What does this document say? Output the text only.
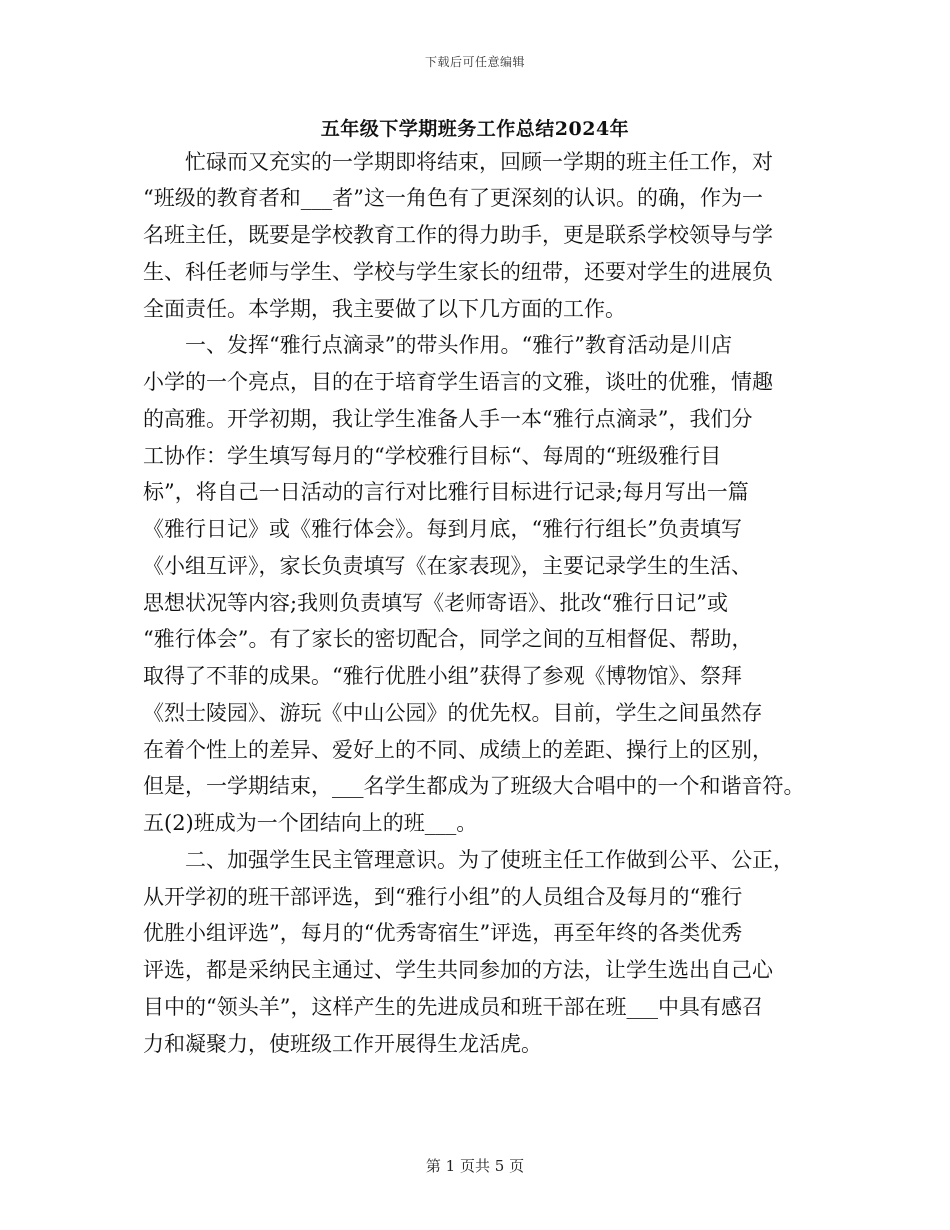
下载后可任意编辑
五年级下学期班务工作总结2024年
忙碌而又充实的一学期即将结束，回顾一学期的班主任工作，对
“班级的教育者和___者”这一角色有了更深刻的认识。的确，作为一
名班主任，既要是学校教育工作的得力助手，更是联系学校领导与学
生、科任老师与学生、学校与学生家长的纽带，还要对学生的进展负
全面责任。本学期，我主要做了以下几方面的工作。
一、发挥“雅行点滴录”的带头作用。“雅行”教育活动是川店
小学的一个亮点，目的在于培育学生语言的文雅，谈吐的优雅，情趣
的高雅。开学初期，我让学生准备人手一本“雅行点滴录”，我们分
工协作：学生填写每月的“学校雅行目标“、每周的“班级雅行目
标”，将自己一日活动的言行对比雅行目标进行记录;每月写出一篇
《雅行日记》或《雅行体会》。每到月底，“雅行行组长”负责填写
《小组互评》，家长负责填写《在家表现》，主要记录学生的生活、
思想状况等内容;我则负责填写《老师寄语》、批改“雅行日记”或
“雅行体会”。有了家长的密切配合，同学之间的互相督促、帮助，
取得了不菲的成果。“雅行优胜小组”获得了参观《博物馆》、祭拜
《烈士陵园》、游玩《中山公园》的优先权。目前，学生之间虽然存
在着个性上的差异、爱好上的不同、成绩上的差距、操行上的区别，
但是，一学期结束，___名学生都成为了班级大合唱中的一个和谐音符。
五(2)班成为一个团结向上的班___。
二、加强学生民主管理意识。为了使班主任工作做到公平、公正，
从开学初的班干部评选，到“雅行小组”的人员组合及每月的“雅行
优胜小组评选”，每月的“优秀寄宿生”评选，再至年终的各类优秀
评选，都是采纳民主通过、学生共同参加的方法，让学生选出自己心
目中的“领头羊”，这样产生的先进成员和班干部在班___中具有感召
力和凝聚力，使班级工作开展得生龙活虎。
第 1 页共 5 页
